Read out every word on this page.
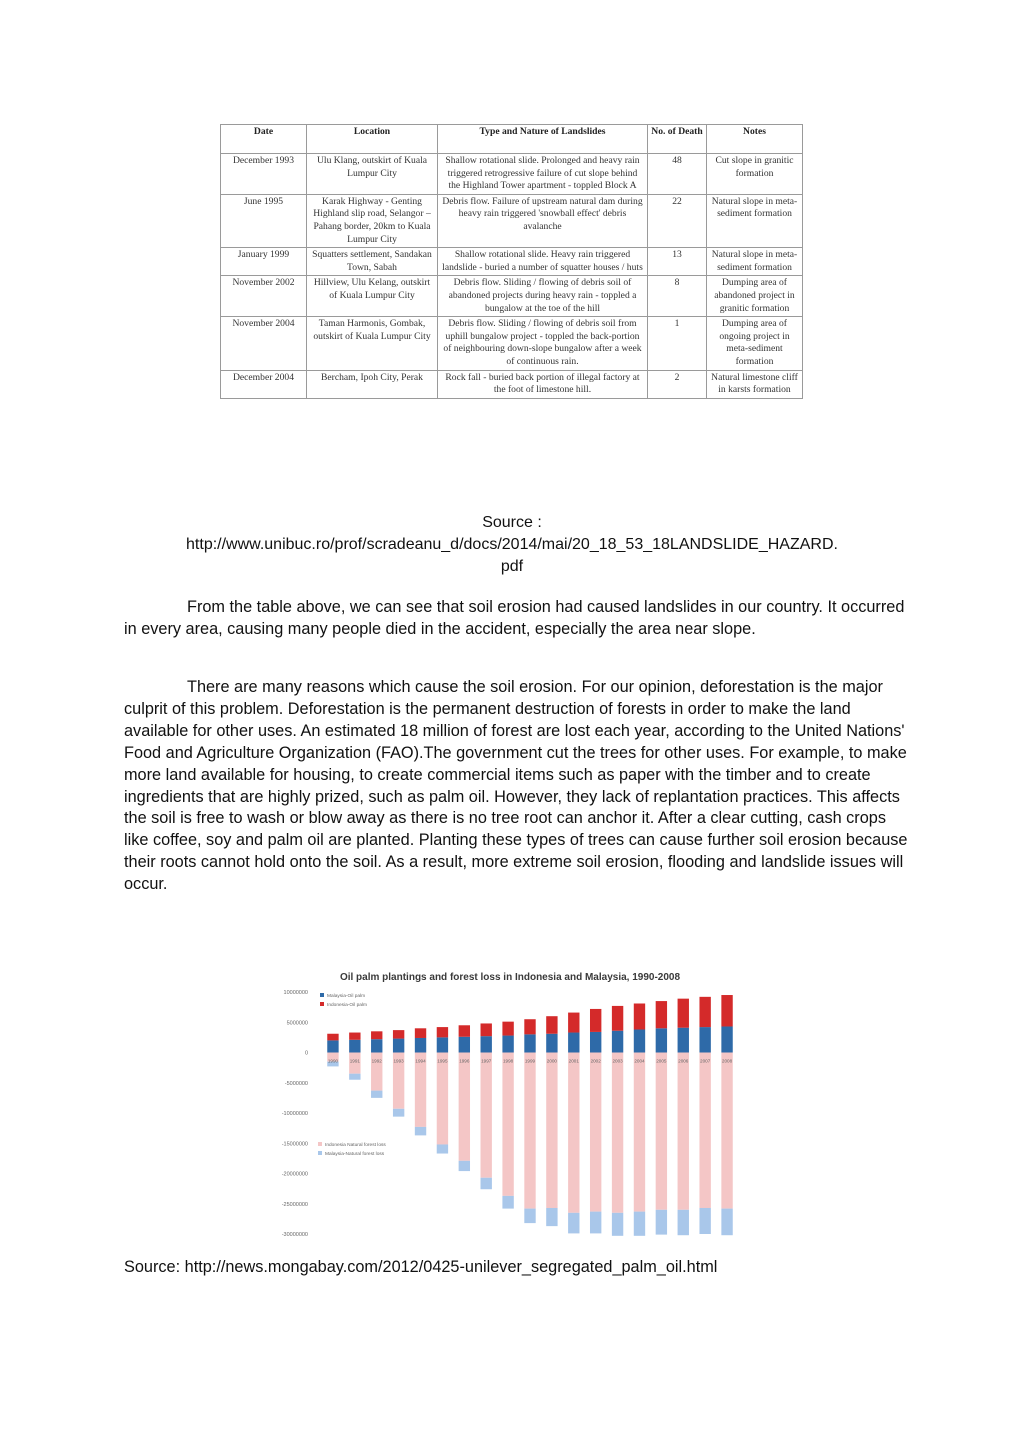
Date	Location	Type and Nature of Landslides	No. of Death	Notes
December 1993	Ulu Klang, outskirt of Kuala Lumpur City	Shallow rotational slide. Prolonged and heavy rain triggered retrogressive failure of cut slope behind the Highland Tower apartment - toppled Block A	48	Cut slope in granitic formation
June 1995	Karak Highway - Genting Highland slip road, Selangor – Pahang border, 20km to Kuala Lumpur City	Debris flow. Failure of upstream natural dam during heavy rain triggered 'snowball effect' debris avalanche	22	Natural slope in meta-sediment formation
January 1999	Squatters settlement, Sandakan Town, Sabah	Shallow rotational slide. Heavy rain triggered landslide - buried a number of squatter houses / huts	13	Natural slope in meta-sediment formation
November 2002	Hillview, Ulu Kelang, outskirt of Kuala Lumpur City	Debris flow. Sliding / flowing of debris soil of abandoned projects during heavy rain - toppled a bungalow at the toe of the hill	8	Dumping area of abandoned project in granitic formation
November 2004	Taman Harmonis, Gombak, outskirt of Kuala Lumpur City	Debris flow. Sliding / flowing of debris soil from uphill bungalow project - toppled the back-portion of neighbouring down-slope bungalow after a week of continuous rain.	1	Dumping area of ongoing project in meta-sediment formation
December 2004	Bercham, Ipoh City, Perak	Rock fall - buried back portion of illegal factory at the foot of limestone hill.	2	Natural limestone cliff in karsts formation
Source :
http://www.unibuc.ro/prof/scradeanu_d/docs/2014/mai/20_18_53_18LANDSLIDE_HAZARD.
pdf

From the table above, we can see that soil erosion had caused landslides in our country. It occurred in every area, causing many people died in the accident, especially the area near slope.

There are many reasons which cause the soil erosion. For our opinion, deforestation is the major culprit of this problem. Deforestation is the permanent destruction of forests in order to make the land available for other uses. An estimated 18 million of forest are lost each year, according to the United Nations' Food and Agriculture Organization (FAO).The government cut the trees for other uses. For example, to make more land available for housing, to create commercial items such as paper with the timber and to create ingredients that are highly prized, such as palm oil. However, they lack of replantation practices. This affects the soil is free to wash or blow away as there is no tree root can anchor it. After a clear cutting, cash crops like coffee, soy and palm oil are planted. Planting these types of trees can cause further soil erosion because their roots cannot hold onto the soil. As a result, more extreme soil erosion, flooding and landslide issues will occur.

Oil palm plantings and forest loss in Indonesia and Malaysia, 1990-2008
10000000
5000000
0
-5000000
-10000000
-15000000
-20000000
-25000000
-30000000
1990	1991	1992	1993	1994	1995	1996	1997	1998	1999	2000	2001	2002	2003	2004	2005	2006	2007	2008
Malaysia-Oil palm
Indonesia-Oil palm
Indonesia Natural forest loss
Malaysia-Natural forest loss
Source: http://news.mongabay.com/2012/0425-unilever_segregated_palm_oil.html
